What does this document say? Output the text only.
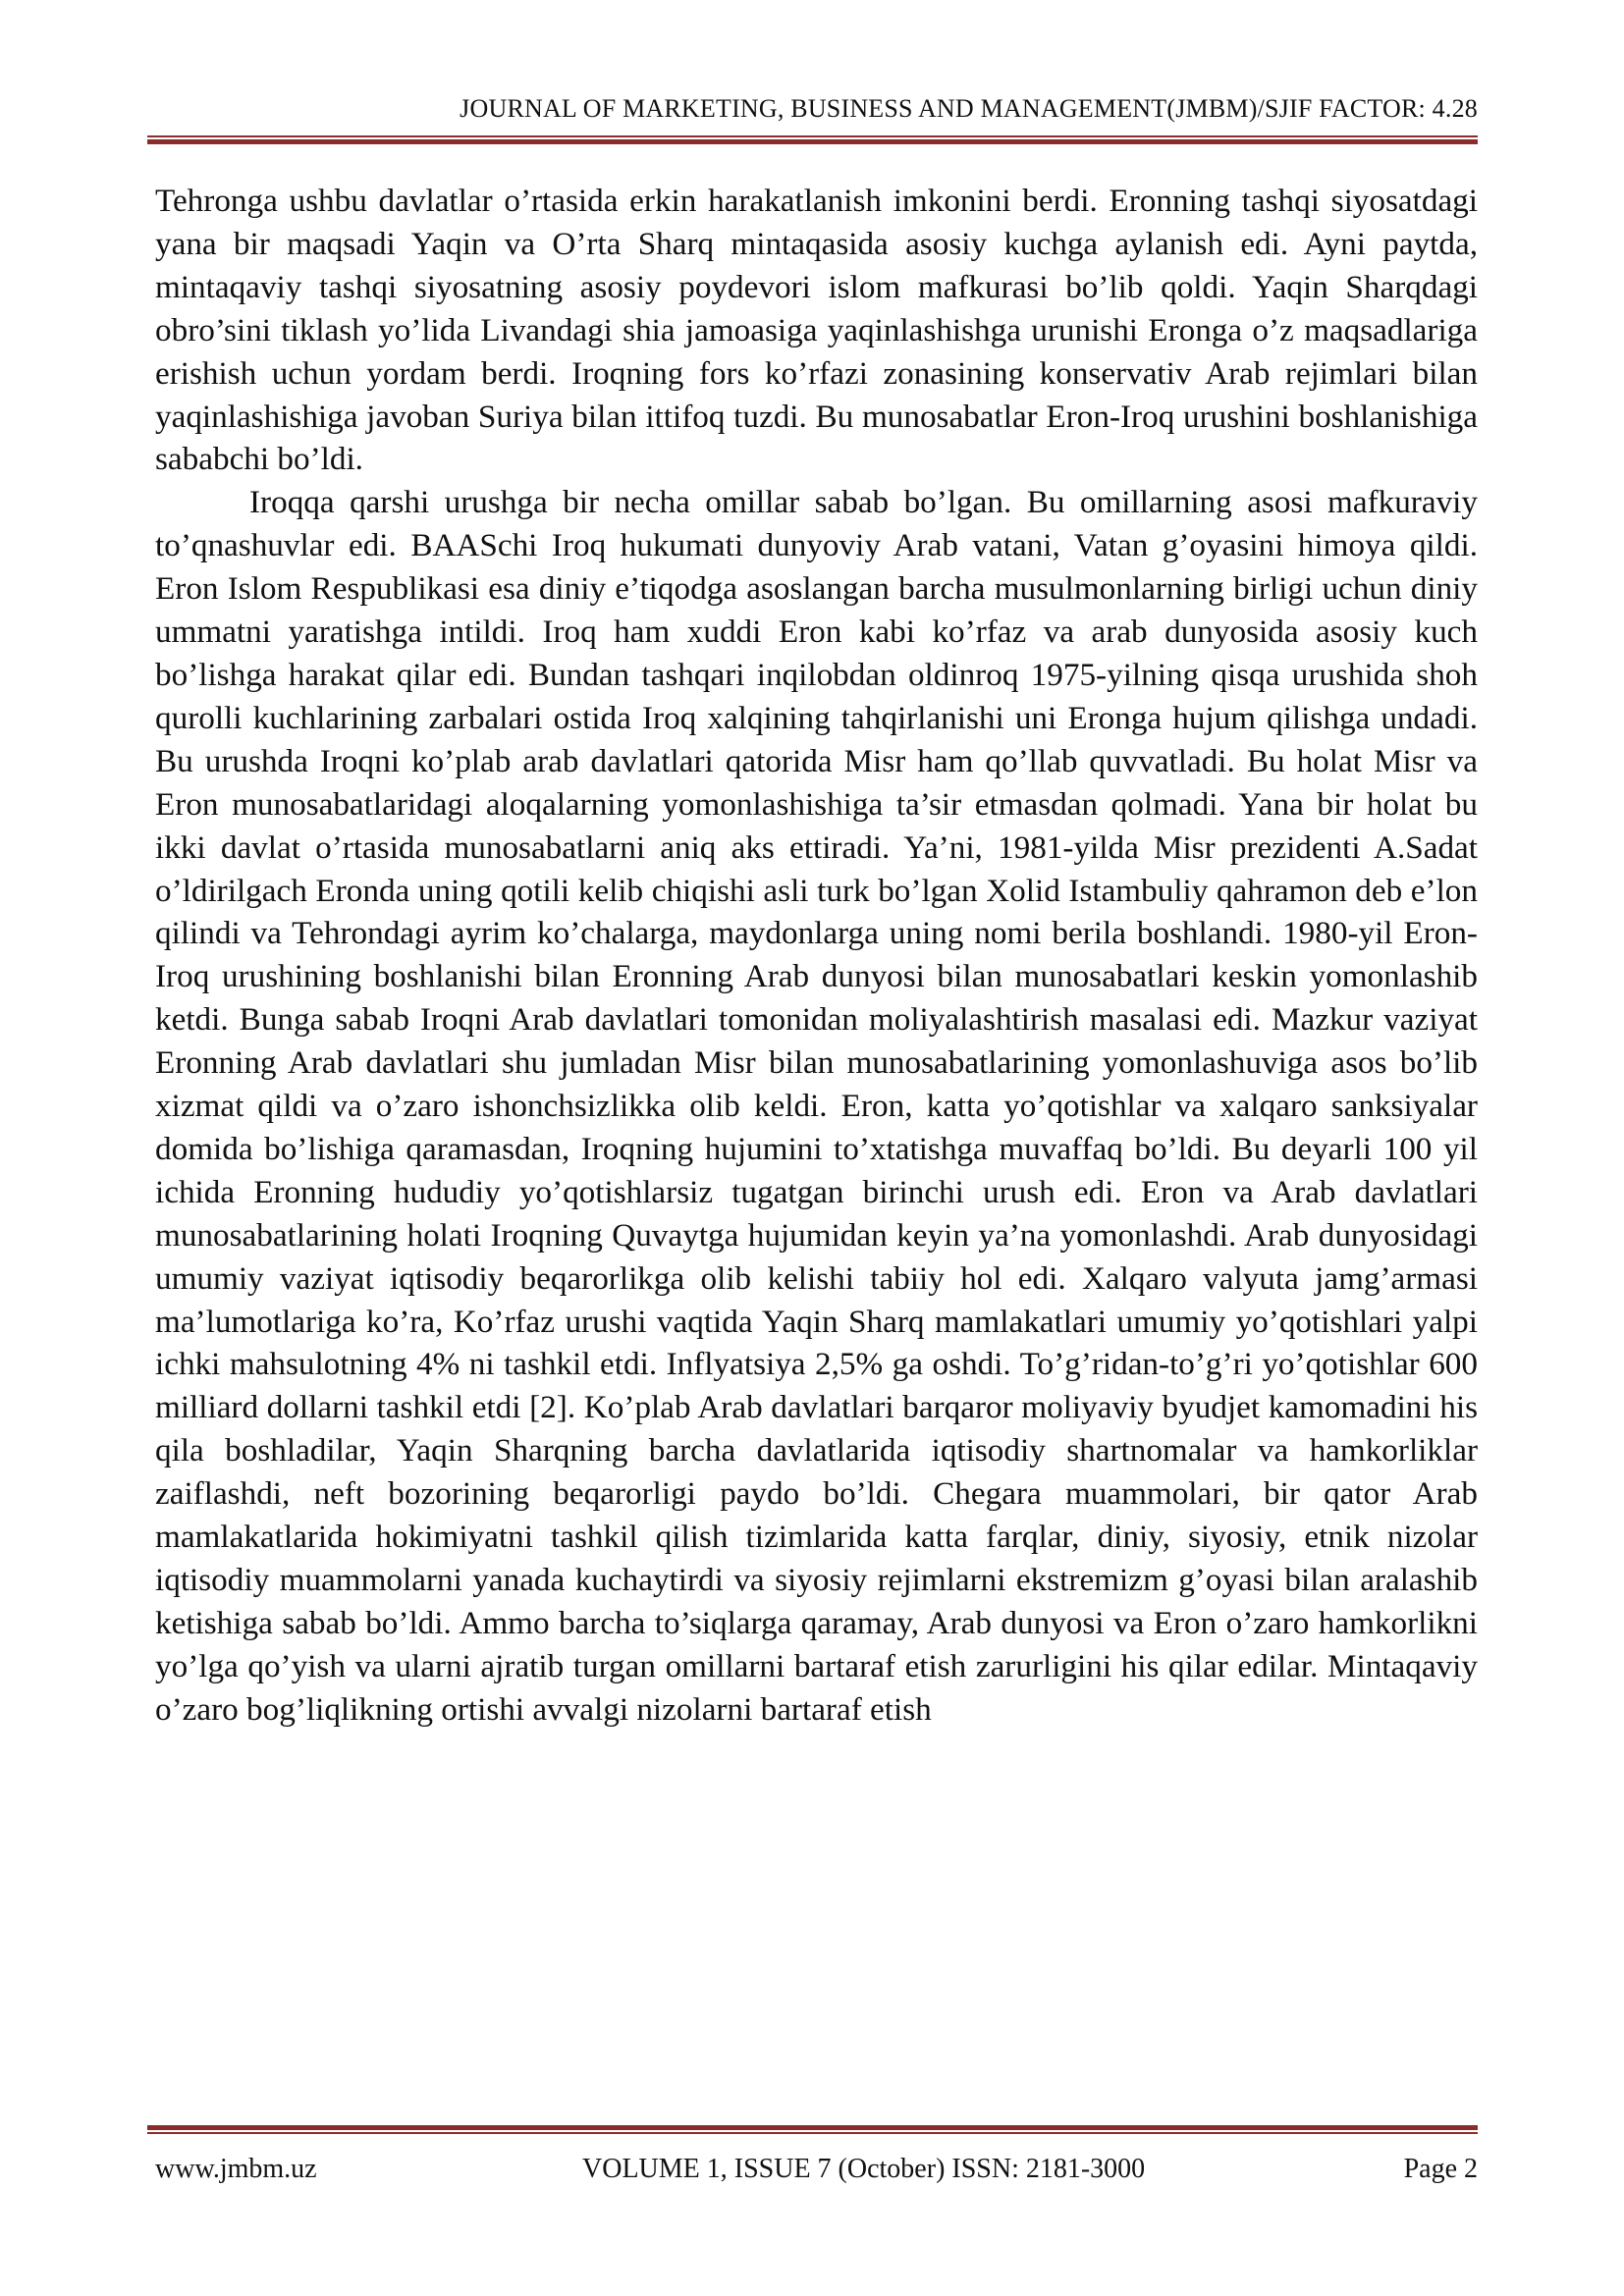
JOURNAL OF MARKETING, BUSINESS AND MANAGEMENT(JMBM)/SJIF FACTOR: 4.28

Tehronga ushbu davlatlar o’rtasida erkin harakatlanish imkonini berdi. Eronning tashqi siyosatdagi yana bir maqsadi Yaqin va O’rta Sharq mintaqasida asosiy kuchga aylanish edi. Ayni paytda, mintaqaviy tashqi siyosatning asosiy poydevori islom mafkurasi bo’lib qoldi. Yaqin Sharqdagi obro’sini tiklash yo’lida Livandagi shia jamoasiga yaqinlashishga urunishi Eronga o’z maqsadlariga erishish uchun yordam berdi. Iroqning fors ko’rfazi zonasining konservativ Arab rejimlari bilan yaqinlashishiga javoban Suriya bilan ittifoq tuzdi. Bu munosabatlar Eron-Iroq urushini boshlanishiga sababchi bo’ldi.

Iroqqa qarshi urushga bir necha omillar sabab bo’lgan. Bu omillarning asosi mafkuraviy to’qnashuvlar edi. BAASchi Iroq hukumati dunyoviy Arab vatani, Vatan g’oyasini himoya qildi. Eron Islom Respublikasi esa diniy e’tiqodga asoslangan barcha musulmonlarning birligi uchun diniy ummatni yaratishga intildi. Iroq ham xuddi Eron kabi ko’rfaz va arab dunyosida asosiy kuch bo’lishga harakat qilar edi. Bundan tashqari inqilobdan oldinroq 1975-yilning qisqa urushida shoh qurolli kuchlarining zarbalari ostida Iroq xalqining tahqirlanishi uni Eronga hujum qilishga undadi. Bu urushda Iroqni ko’plab arab davlatlari qatorida Misr ham qo’llab quvvatladi. Bu holat Misr va Eron munosabatlaridagi aloqalarning yomonlashishiga ta’sir etmasdan qolmadi. Yana bir holat bu ikki davlat o’rtasida munosabatlarni aniq aks ettiradi. Ya’ni, 1981-yilda Misr prezidenti A.Sadat o’ldirilgach Eronda uning qotili kelib chiqishi asli turk bo’lgan Xolid Istambuliy qahramon deb e’lon qilindi va Tehrondagi ayrim ko’chalarga, maydonlarga uning nomi berila boshlandi. 1980-yil Eron-Iroq urushining boshlanishi bilan Eronning Arab dunyosi bilan munosabatlari keskin yomonlashib ketdi. Bunga sabab Iroqni Arab davlatlari tomonidan moliyalashtirish masalasi edi. Mazkur vaziyat Eronning Arab davlatlari shu jumladan Misr bilan munosabatlarining yomonlashuviga asos bo’lib xizmat qildi va o’zaro ishonchsizlikka olib keldi. Eron, katta yo’qotishlar va xalqaro sanksiyalar domida bo’lishiga qaramasdan, Iroqning hujumini to’xtatishga muvaffaq bo’ldi. Bu deyarli 100 yil ichida Eronning hududiy yo’qotishlarsiz tugatgan birinchi urush edi. Eron va Arab davlatlari munosabatlarining holati Iroqning Quvaytga hujumidan keyin ya’na yomonlashdi. Arab dunyosidagi umumiy vaziyat iqtisodiy beqarorlikga olib kelishi tabiiy hol edi. Xalqaro valyuta jamg’armasi ma’lumotlariga ko’ra, Ko’rfaz urushi vaqtida Yaqin Sharq mamlakatlari umumiy yo’qotishlari yalpi ichki mahsulotning 4% ni tashkil etdi. Inflyatsiya 2,5% ga oshdi. To’g’ridan-to’g’ri yo’qotishlar 600 milliard dollarni tashkil etdi [2]. Ko’plab Arab davlatlari barqaror moliyaviy byudjet kamomadini his qila boshladilar, Yaqin Sharqning barcha davlatlarida iqtisodiy shartnomalar va hamkorliklar zaiflashdi, neft bozorining beqarorligi paydo bo’ldi. Chegara muammolari, bir qator Arab mamlakatlarida hokimiyatni tashkil qilish tizimlarida katta farqlar, diniy, siyosiy, etnik nizolar iqtisodiy muammolarni yanada kuchaytirdi va siyosiy rejimlarni ekstremizm g’oyasi bilan aralashib ketishiga sabab bo’ldi. Ammo barcha to’siqlarga qaramay, Arab dunyosi va Eron o’zaro hamkorlikni yo’lga qo’yish va ularni ajratib turgan omillarni bartaraf etish zarurligini his qilar edilar. Mintaqaviy o’zaro bog’liqlikning ortishi avvalgi nizolarni bartaraf etish

www.jmbm.uz	VOLUME 1, ISSUE 7 (October) ISSN: 2181-3000	Page 2
